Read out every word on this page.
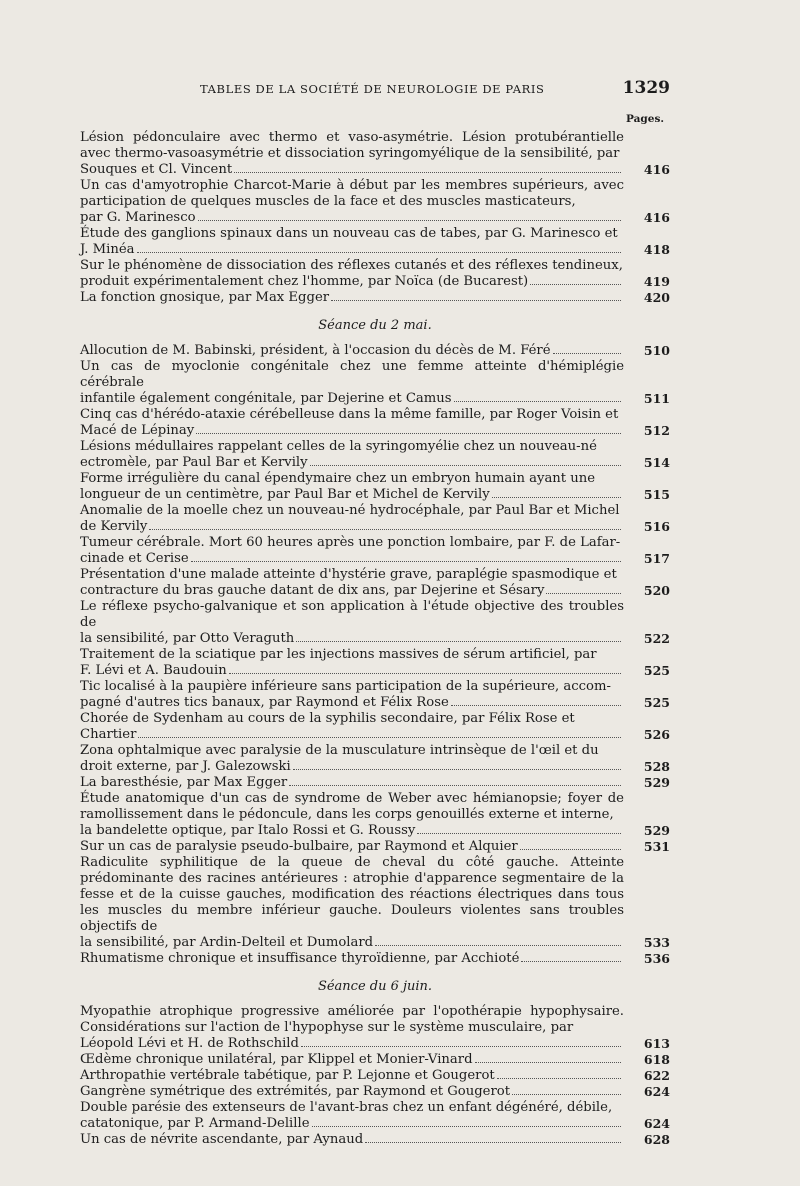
TABLES DE LA SOCIÉTÉ DE NEUROLOGIE DE PARIS	1329
Pages.
Lésion pédonculaire avec thermo et vaso-asymétrie. Lésion protubérantielle avec thermo-vasoasymétrie et dissociation syringomyélique de la sensibilité, par
Souques et Cl. Vincent	416
Un cas d'amyotrophie Charcot-Marie à début par les membres supérieurs, avec participation de quelques muscles de la face et des muscles masticateurs,
par G. Marinesco	416
Étude des ganglions spinaux dans un nouveau cas de tabes, par G. Marinesco et
J. Minéa	418
Sur le phénomène de dissociation des réflexes cutanés et des réflexes tendineux,
produit expérimentalement chez l'homme, par Noïca (de Bucarest)	419
La fonction gnosique, par Max Egger	420
Séance du 2 mai.
Allocution de M. Babinski, président, à l'occasion du décès de M. Féré	510
Un cas de myoclonie congénitale chez une femme atteinte d'hémiplégie cérébrale
infantile également congénitale, par Dejerine et Camus	511
Cinq cas d'hérédo-ataxie cérébelleuse dans la même famille, par Roger Voisin et
Macé de Lépinay	512
Lésions médullaires rappelant celles de la syringomyélie chez un nouveau-né
ectromèle, par Paul Bar et Kervily	514
Forme irrégulière du canal épendymaire chez un embryon humain ayant une
longueur de un centimètre, par Paul Bar et Michel de Kervily	515
Anomalie de la moelle chez un nouveau-né hydrocéphale, par Paul Bar et Michel
de Kervily	516
Tumeur cérébrale. Mort 60 heures après une ponction lombaire, par F. de Lafar-
cinade et Cerise	517
Présentation d'une malade atteinte d'hystérie grave, paraplégie spasmodique et
contracture du bras gauche datant de dix ans, par Dejerine et Sésary	520
Le réflexe psycho-galvanique et son application à l'étude objective des troubles de
la sensibilité, par Otto Veraguth	522
Traitement de la sciatique par les injections massives de sérum artificiel, par
F. Lévi et A. Baudouin	525
Tic localisé à la paupière inférieure sans participation de la supérieure, accom-
pagné d'autres tics banaux, par Raymond et Félix Rose	525
Chorée de Sydenham au cours de la syphilis secondaire, par Félix Rose et
Chartier	526
Zona ophtalmique avec paralysie de la musculature intrinsèque de l'œil et du
droit externe, par J. Galezowski	528
La baresthésie, par Max Egger	529
Étude anatomique d'un cas de syndrome de Weber avec hémianopsie; foyer de ramollissement dans le pédoncule, dans les corps genouillés externe et interne,
la bandelette optique, par Italo Rossi et G. Roussy	529
Sur un cas de paralysie pseudo-bulbaire, par Raymond et Alquier	531
Radiculite syphilitique de la queue de cheval du côté gauche. Atteinte prédominante des racines antérieures : atrophie d'apparence segmentaire de la fesse et de la cuisse gauches, modification des réactions électriques dans tous les muscles du membre inférieur gauche. Douleurs violentes sans troubles objectifs de
la sensibilité, par Ardin-Delteil et Dumolard	533
Rhumatisme chronique et insuffisance thyroïdienne, par Acchioté	536
Séance du 6 juin.
Myopathie atrophique progressive améliorée par l'opothérapie hypophysaire. Considérations sur l'action de l'hypophyse sur le système musculaire, par
Léopold Lévi et H. de Rothschild	613
Œdème chronique unilatéral, par Klippel et Monier-Vinard	618
Arthropathie vertébrale tabétique, par P. Lejonne et Gougerot	622
Gangrène symétrique des extrémités, par Raymond et Gougerot	624
Double parésie des extenseurs de l'avant-bras chez un enfant dégénéré, débile,
catatonique, par P. Armand-Delille	624
Un cas de névrite ascendante, par Aynaud	628
